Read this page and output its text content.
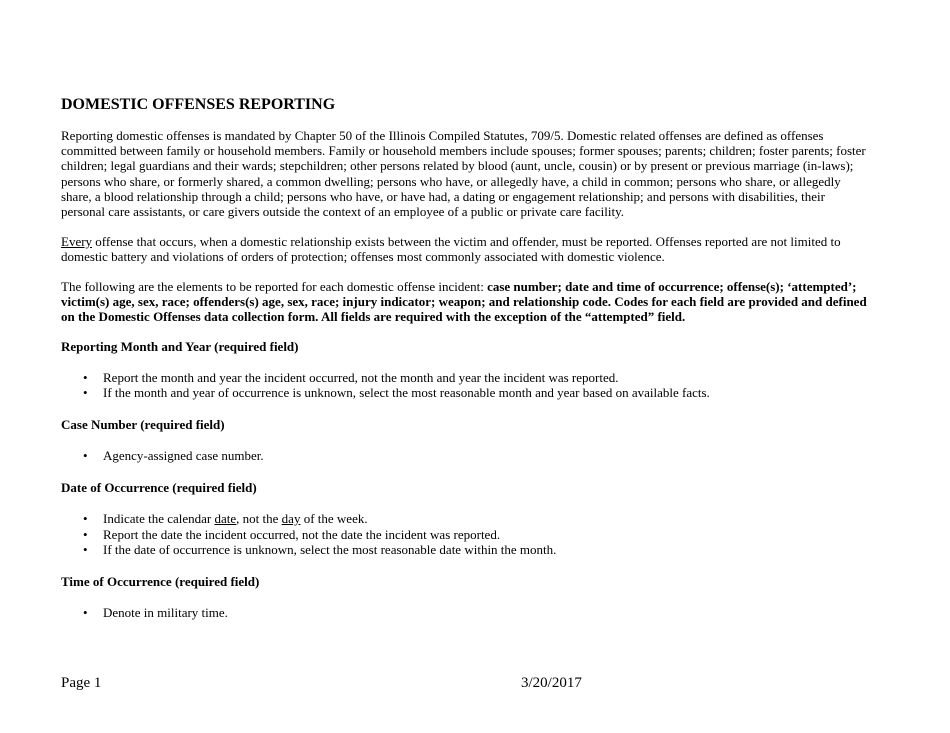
DOMESTIC OFFENSES REPORTING

Reporting domestic offenses is mandated by Chapter 50 of the Illinois Compiled Statutes, 709/5. Domestic related offenses are defined as offenses committed between family or household members. Family or household members include spouses; former spouses; parents; children; foster parents; foster children; legal guardians and their wards; stepchildren; other persons related by blood (aunt, uncle, cousin) or by present or previous marriage (in-laws); persons who share, or formerly shared, a common dwelling; persons who have, or allegedly have, a child in common; persons who share, or allegedly share, a blood relationship through a child; persons who have, or have had, a dating or engagement relationship; and persons with disabilities, their personal care assistants, or care givers outside the context of an employee of a public or private care facility.

Every offense that occurs, when a domestic relationship exists between the victim and offender, must be reported. Offenses reported are not limited to domestic battery and violations of orders of protection; offenses most commonly associated with domestic violence.

The following are the elements to be reported for each domestic offense incident: case number; date and time of occurrence; offense(s); ‘attempted’; victim(s) age, sex, race; offenders(s) age, sex, race; injury indicator; weapon; and relationship code. Codes for each field are provided and defined on the Domestic Offenses data collection form. All fields are required with the exception of the “attempted” field.

Reporting Month and Year (required field)
• Report the month and year the incident occurred, not the month and year the incident was reported.
• If the month and year of occurrence is unknown, select the most reasonable month and year based on available facts.
Case Number (required field)
• Agency-assigned case number.
Date of Occurrence (required field)
• Indicate the calendar date, not the day of the week.
• Report the date the incident occurred, not the date the incident was reported.
• If the date of occurrence is unknown, select the most reasonable date within the month.
Time of Occurrence (required field)
• Denote in military time.
Page 1	3/20/2017
